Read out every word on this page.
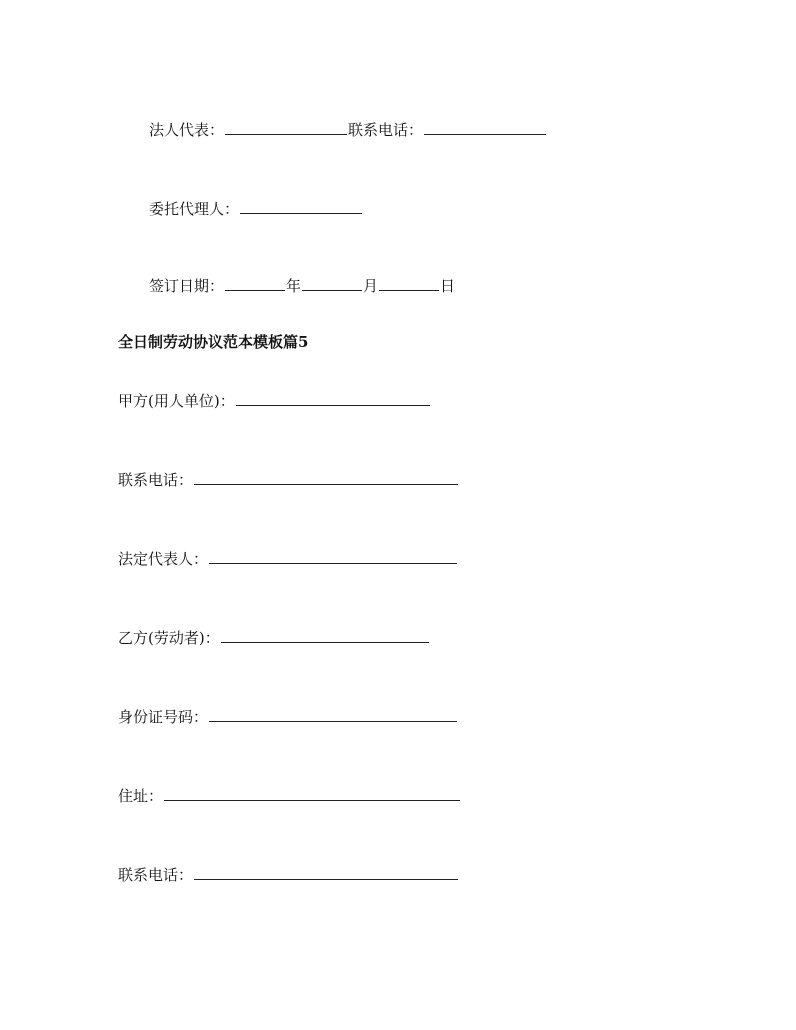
法人代表：	联系电话：
委托代理人：
签订日期：	年	月	日
全日制劳动协议范本模板篇5
甲方(用人单位)：
联系电话：
法定代表人：
乙方(劳动者)：
身份证号码：
住址：
联系电话：
